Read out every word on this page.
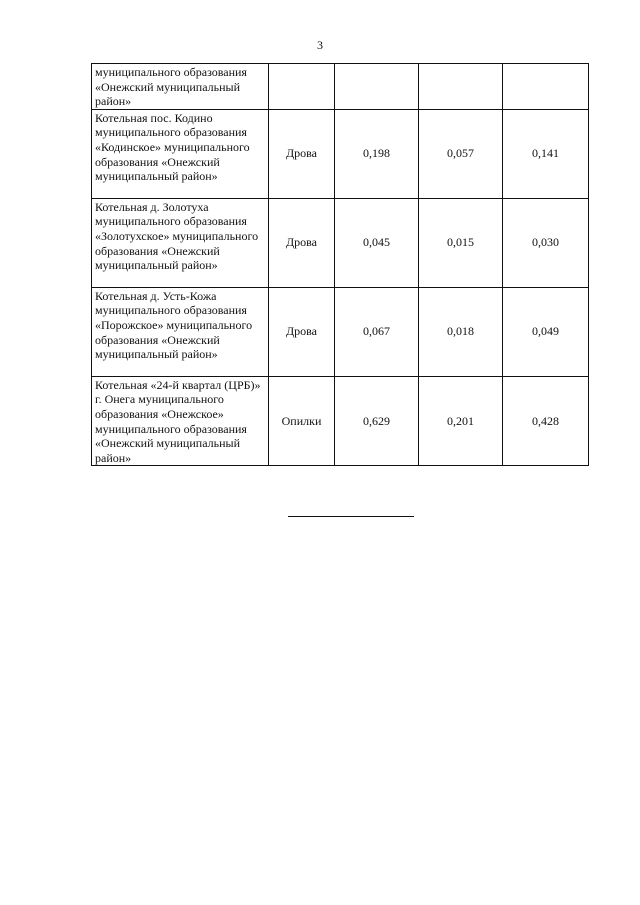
3
муниципального образования «Онежский муниципальный район»				
Котельная пос. Кодино муниципального образования «Кодинское» муниципального образования «Онежский муниципальный район»	Дрова	0,198	0,057	0,141
Котельная д. Золотуха муниципального образования «Золотухское» муниципального образования «Онежский муниципальный район»	Дрова	0,045	0,015	0,030
Котельная д. Усть-Кожа муниципального образования «Порожское» муниципального образования «Онежский муниципальный район»	Дрова	0,067	0,018	0,049
Котельная «24-й квартал (ЦРБ)» г. Онега муниципального образования «Онежское» муниципального образования «Онежский муниципальный район»	Опилки	0,629	0,201	0,428
